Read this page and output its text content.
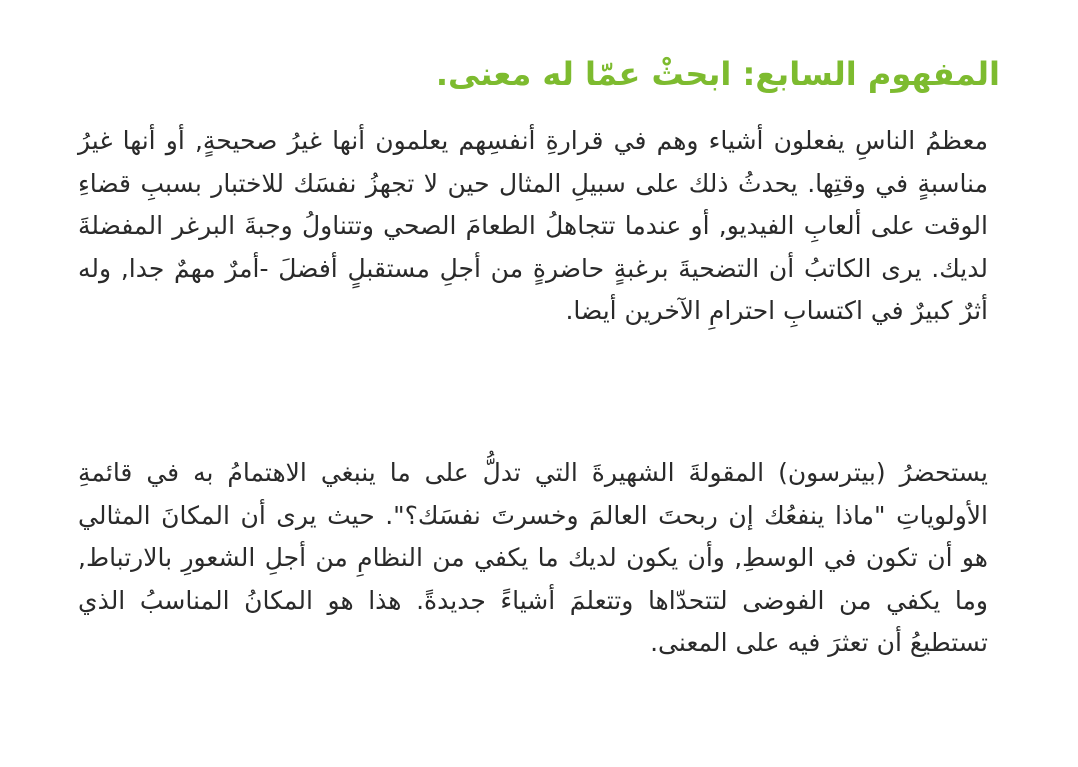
المفهوم السابع: ابحثْ عمّا له معنى.

معظمُ الناسِ يفعلون أشياء وهم في قرارةِ أنفسِهم يعلمون أنها غيرُ صحيحةٍ, أو أنها غيرُ مناسبةٍ في وقتِها. يحدثُ ذلك على سبيلِ المثال حين لا تجهزُ نفسَك للاختبار بسببِ قضاءِ الوقت على ألعابِ الفيديو, أو عندما تتجاهلُ الطعامَ الصحي وتتناولُ وجبةَ البرغر المفضلةَ لديك. يرى الكاتبُ أن التضحيةَ برغبةٍ حاضرةٍ من أجلِ مستقبلٍ أفضلَ -أمرٌ مهمٌ جدا, وله أثرٌ كبيرٌ في اكتسابِ احترامِ الآخرين أيضا.

يستحضرُ (بيترسون) المقولةَ الشهيرةَ التي تدلُّ على ما ينبغي الاهتمامُ به في قائمةِ الأولوياتِ "ماذا ينفعُك إن ربحتَ العالمَ وخسرتَ نفسَك؟". حيث يرى أن المكانَ المثالي هو أن تكون في الوسطِ, وأن يكون لديك ما يكفي من النظامِ من أجلِ الشعورِ بالارتباط, وما يكفي من الفوضى لتتحدّاها وتتعلمَ أشياءً جديدةً. هذا هو المكانُ المناسبُ الذي تستطيعُ أن تعثرَ فيه على المعنى.
